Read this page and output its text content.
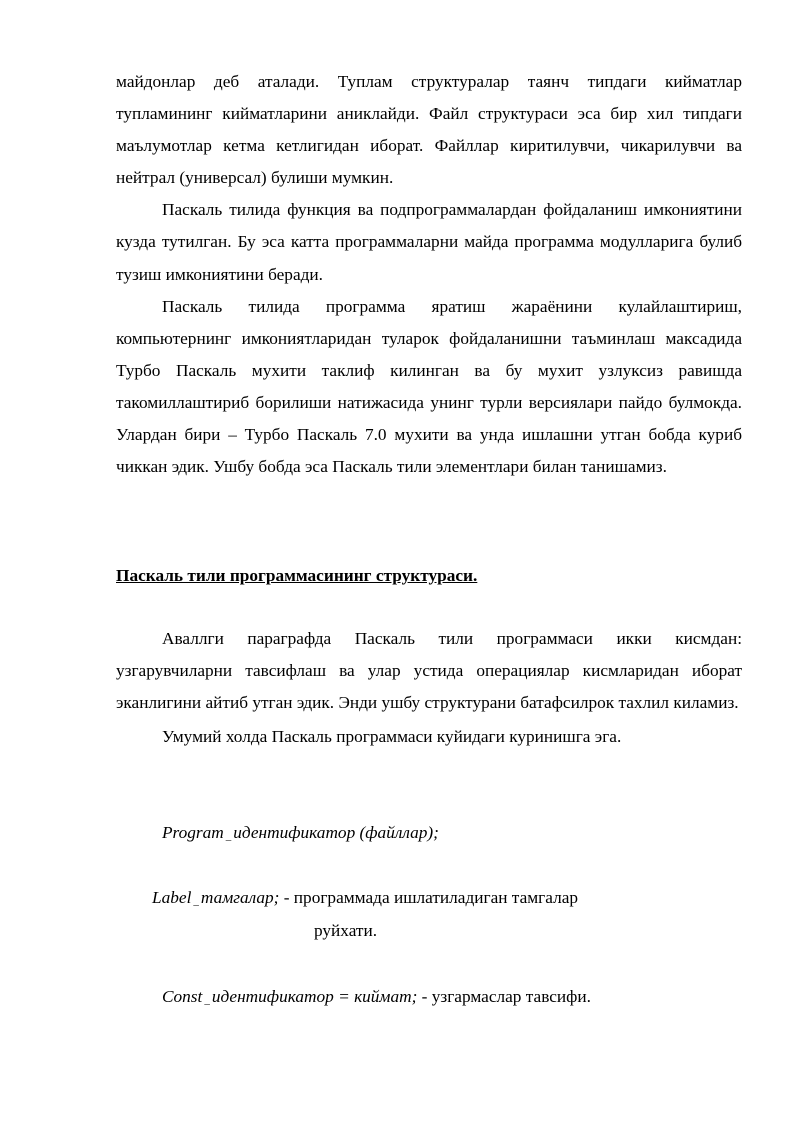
майдонлар деб аталади. Туплам структуралар таянч типдаги кийматлар тупламининг кийматларини аниклайди. Файл структураси эса бир хил типдаги маълумотлар кетма кетлигидан иборат. Файллар киритилувчи, чикарилувчи ва нейтрал (универсал) булиши мумкин.

Паскаль тилида функция ва подпрограммалардан фойдаланиш имкониятини кузда тутилган. Бу эса катта программаларни майда программа модулларига булиб тузиш имкониятини беради.

Паскаль тилида программа яратиш жараёнини кулайлаштириш, компьютернинг имкониятларидан туларок фойдаланишни таъминлаш максадида Турбо Паскаль мухити таклиф килинган ва бу мухит узлуксиз равишда такомиллаштириб борилиши натижасида унинг турли версиялари пайдо булмокда. Улардан бири – Турбо Паскаль 7.0 мухити ва унда ишлашни утган бобда куриб чиккан эдик. Ушбу бобда эса Паскаль тили элементлари билан танишамиз.

Паскаль тили программасининг структураси.

Аваллги параграфда Паскаль тили программаси икки кисмдан: узгарувчиларни тавсифлаш ва улар устида операциялар кисмларидан иборат эканлигини айтиб утган эдик. Энди ушбу структурани батафсилрок тахлил киламиз.

Умумий холда Паскаль программаси куйидаги куринишга эга.

Program _ идентификатор (файллар);

Label _ тамгалар; - программада ишлатиладиган тамгалар

руйхати.

Const _ идентификатор = киймат; - узгармаслар тавсифи.
